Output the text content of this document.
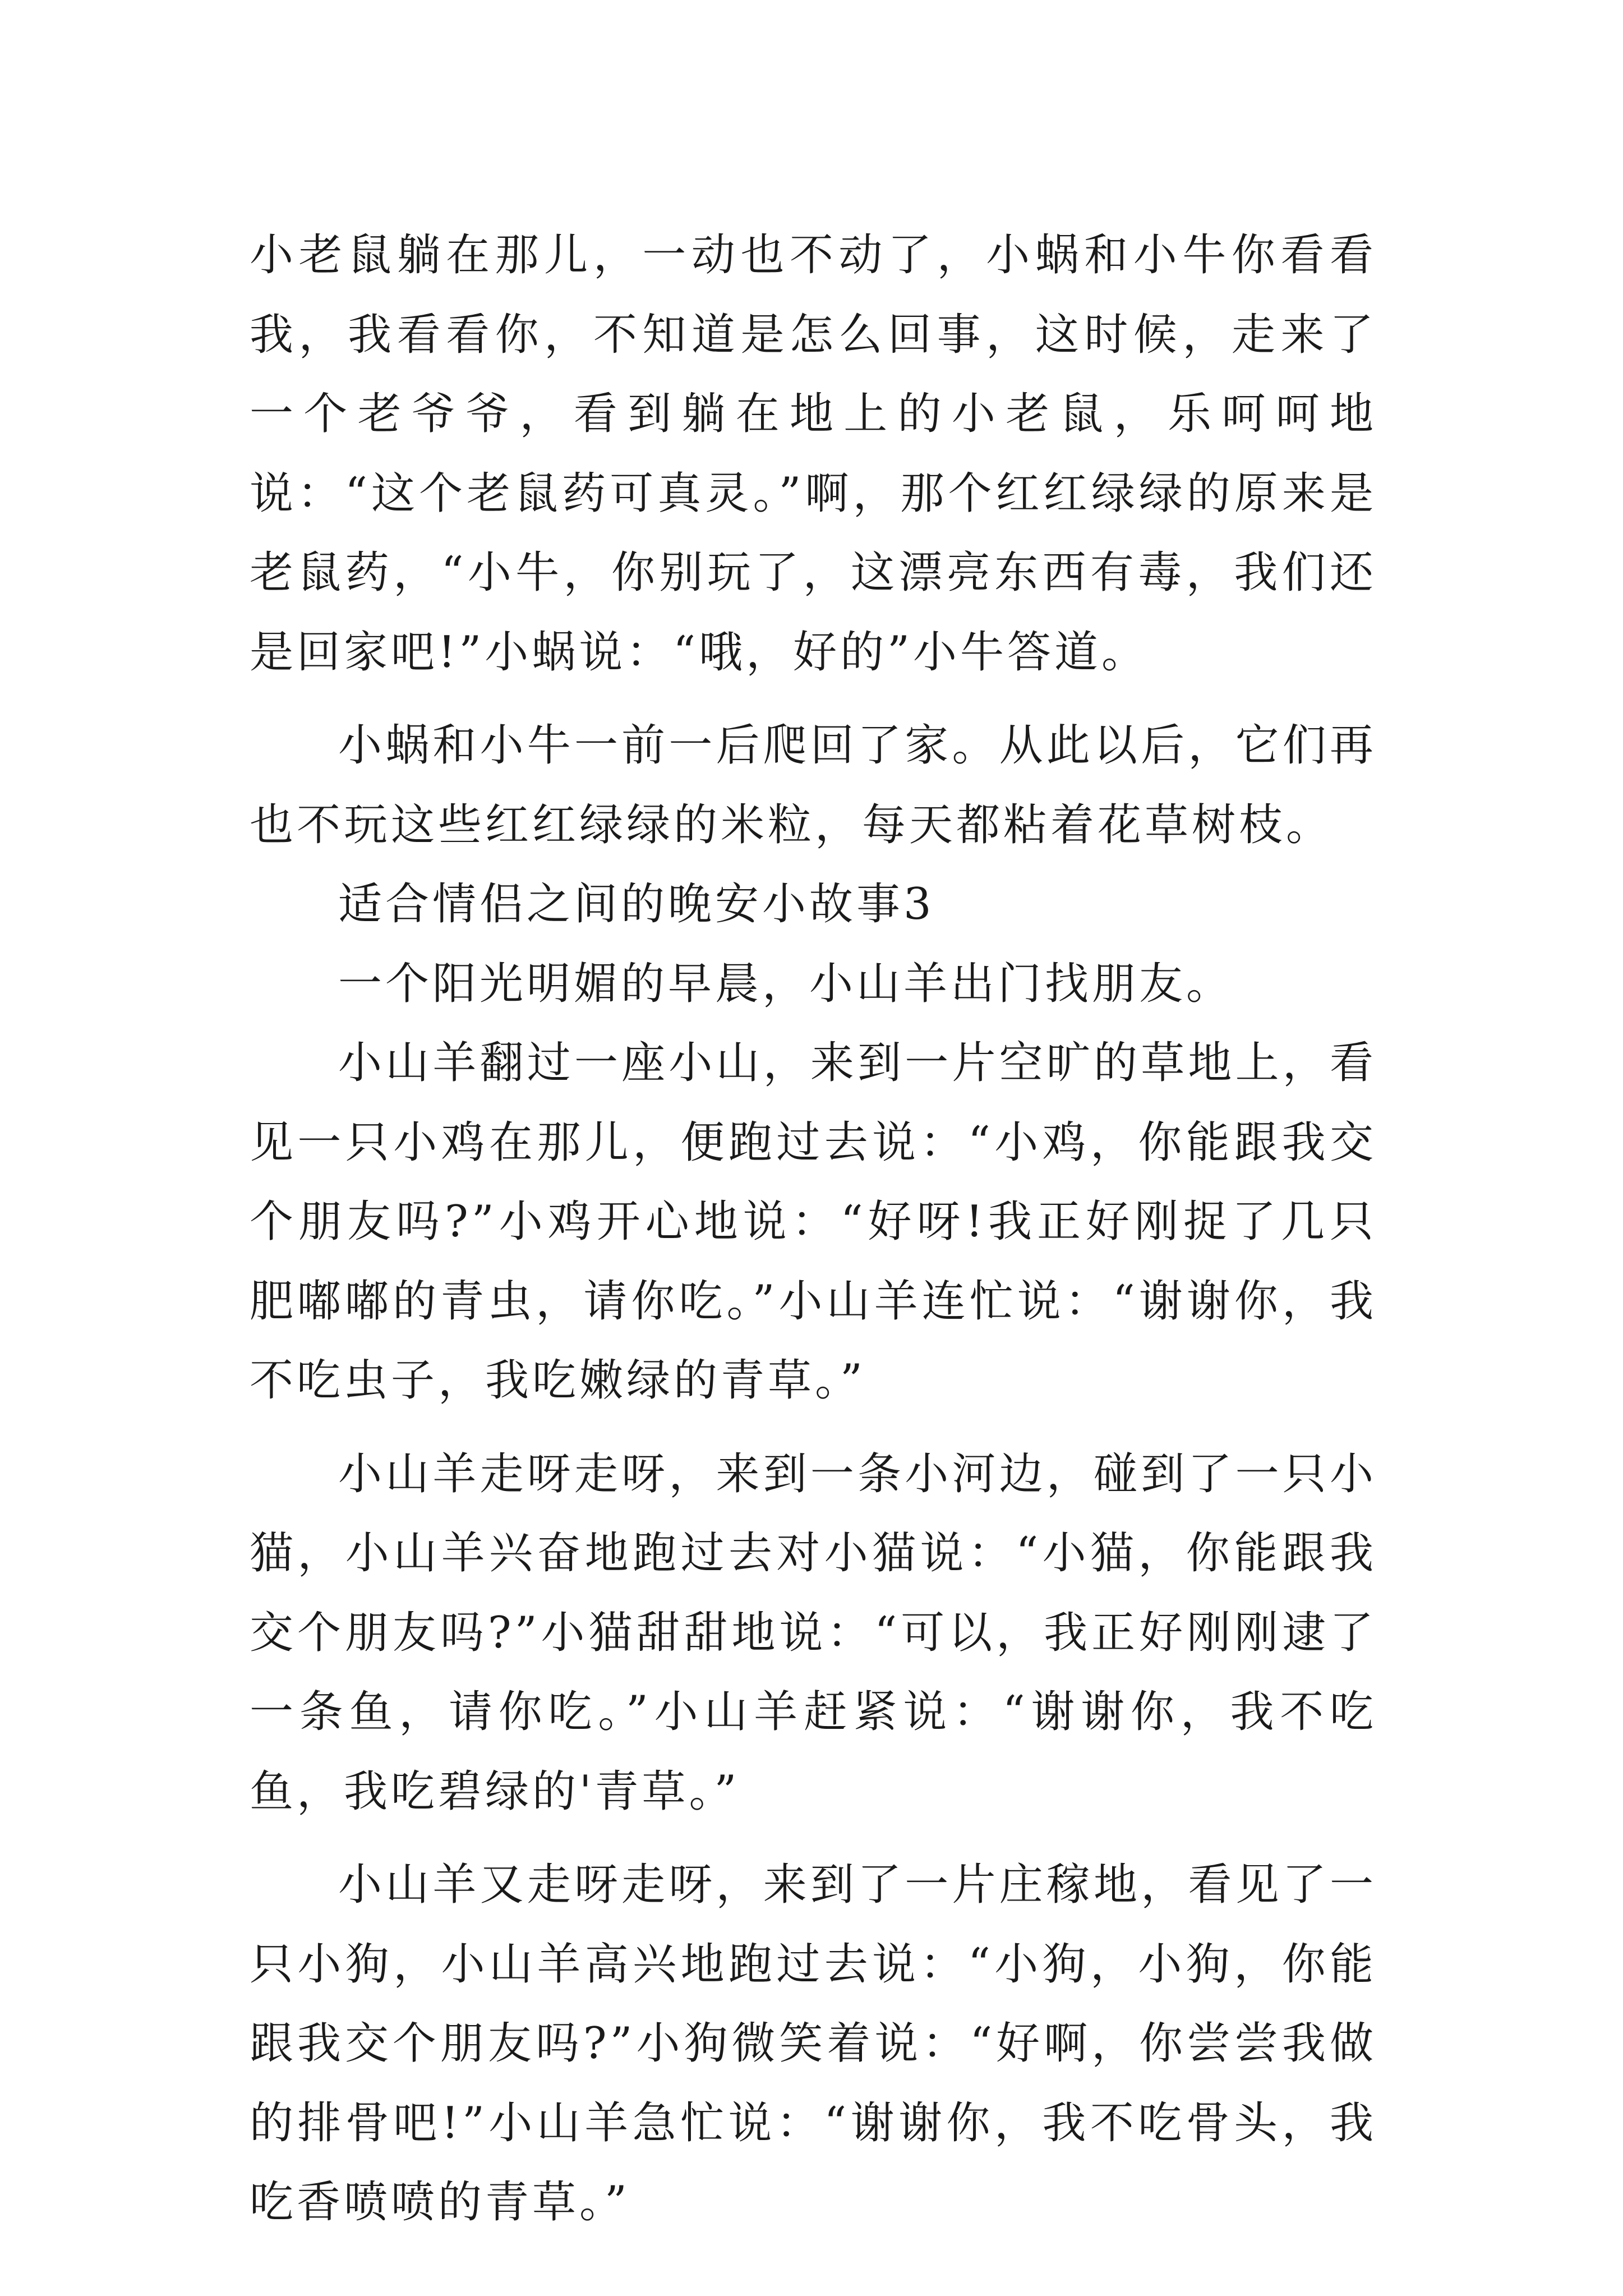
小老鼠躺在那儿，一动也不动了，小蜗和小牛你看看我，我看看你，不知道是怎么回事，这时候，走来了一个老爷爷，看到躺在地上的小老鼠，乐呵呵地说：“这个老鼠药可真灵。”啊，那个红红绿绿的原来是老鼠药，“小牛，你别玩了，这漂亮东西有毒，我们还是回家吧!”小蜗说：“哦，好的”小牛答道。

小蜗和小牛一前一后爬回了家。从此以后，它们再也不玩这些红红绿绿的米粒，每天都粘着花草树枝。

适合情侣之间的晚安小故事3

一个阳光明媚的早晨，小山羊出门找朋友。

小山羊翻过一座小山，来到一片空旷的草地上，看见一只小鸡在那儿，便跑过去说：“小鸡，你能跟我交个朋友吗?”小鸡开心地说：“好呀!我正好刚捉了几只肥嘟嘟的青虫，请你吃。”小山羊连忙说：“谢谢你，我不吃虫子，我吃嫩绿的青草。”

小山羊走呀走呀，来到一条小河边，碰到了一只小猫，小山羊兴奋地跑过去对小猫说：“小猫，你能跟我交个朋友吗?”小猫甜甜地说：“可以，我正好刚刚逮了一条鱼，请你吃。”小山羊赶紧说：“谢谢你，我不吃鱼，我吃碧绿的'青草。”

小山羊又走呀走呀，来到了一片庄稼地，看见了一只小狗，小山羊高兴地跑过去说：“小狗，小狗，你能跟我交个朋友吗?”小狗微笑着说：“好啊，你尝尝我做的排骨吧!”小山羊急忙说：“谢谢你，我不吃骨头，我吃香喷喷的青草。”
